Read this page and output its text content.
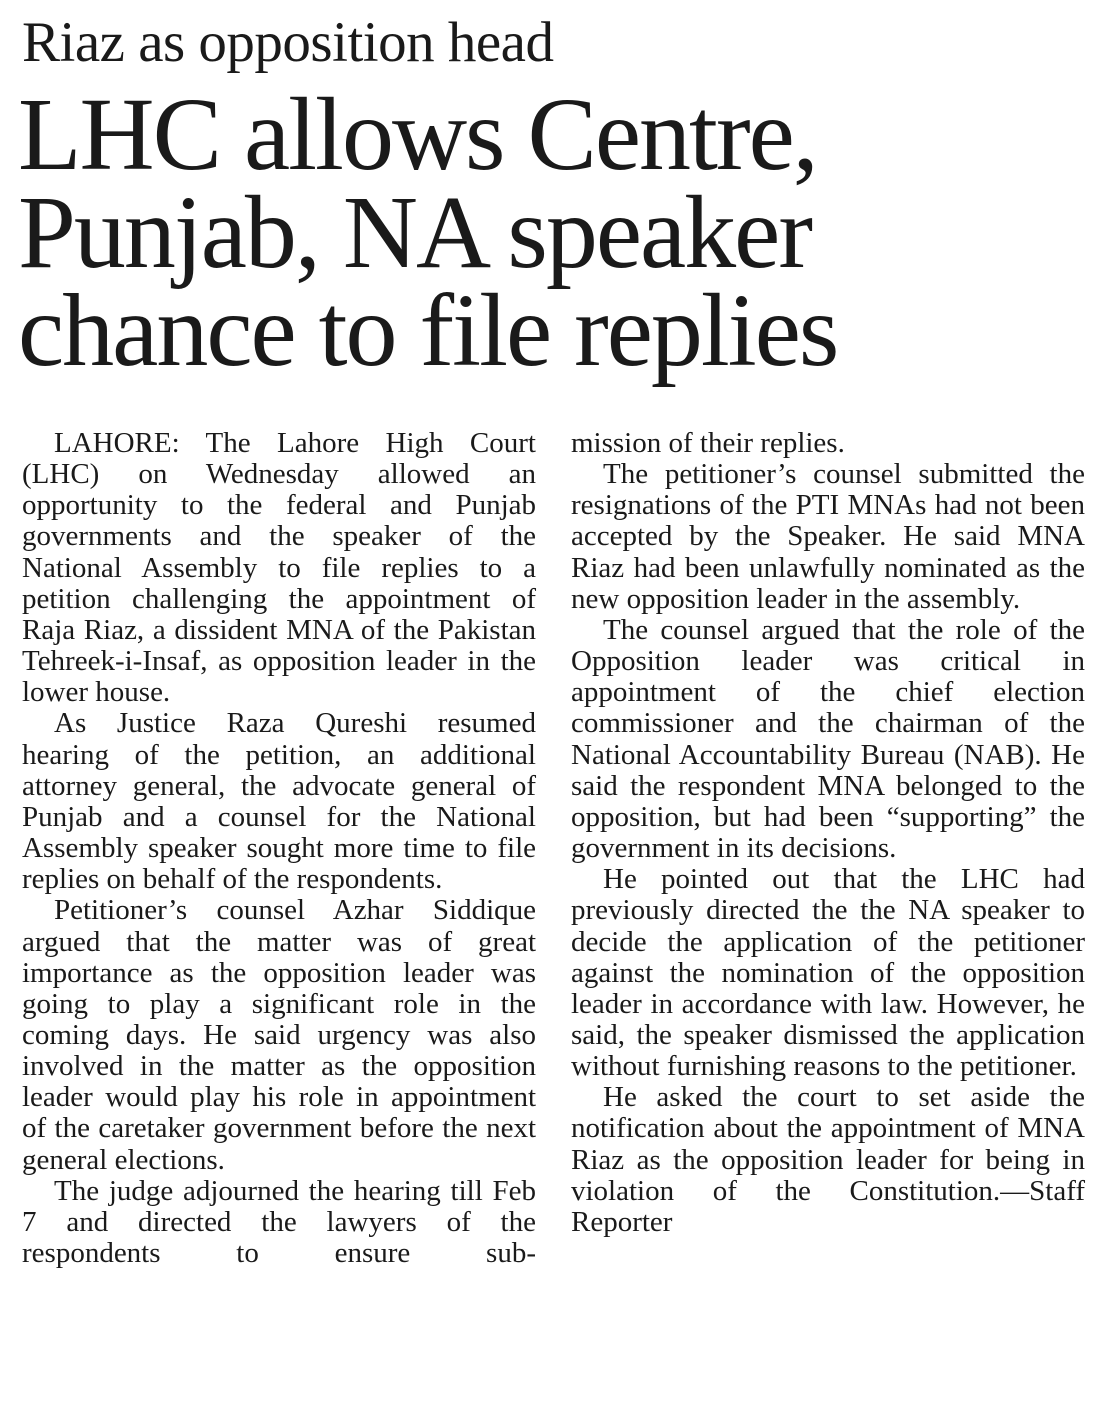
Riaz as opposition head
LHC allows Centre,
Punjab, NA speaker
chance to file replies

LAHORE: The Lahore High Court (LHC) on Wednesday allowed an opportunity to the federal and Punjab governments and the speaker of the National Assembly to file replies to a petition challenging the appointment of Raja Riaz, a dissident MNA of the Pakistan Tehreek-i-Insaf, as opposition leader in the lower house.

As Justice Raza Qureshi resumed hearing of the petition, an additional attorney general, the advocate general of Punjab and a counsel for the National Assembly speaker sought more time to file replies on behalf of the respondents.

Petitioner’s counsel Azhar Siddique argued that the matter was of great importance as the opposition leader was going to play a significant role in the coming days. He said urgency was also involved in the matter as the opposition leader would play his role in appointment of the caretaker government before the next general elections.

The judge adjourned the hearing till Feb 7 and directed the lawyers of the respondents to ensure sub-

mission of their replies.

The petitioner’s counsel submitted the resignations of the PTI MNAs had not been accepted by the Speaker. He said MNA Riaz had been unlawfully nominated as the new opposition leader in the assembly.

The counsel argued that the role of the Opposition leader was critical in appointment of the chief election commissioner and the chairman of the National Accountability Bureau (NAB). He said the respondent MNA belonged to the opposition, but had been “supporting” the government in its decisions.

He pointed out that the LHC had previously directed the the NA speaker to decide the application of the petitioner against the nomination of the opposition leader in accordance with law. However, he said, the speaker dismissed the application without furnishing reasons to the petitioner.

He asked the court to set aside the notification about the appointment of MNA Riaz as the opposition leader for being in violation of the Constitution.—Staff Reporter
